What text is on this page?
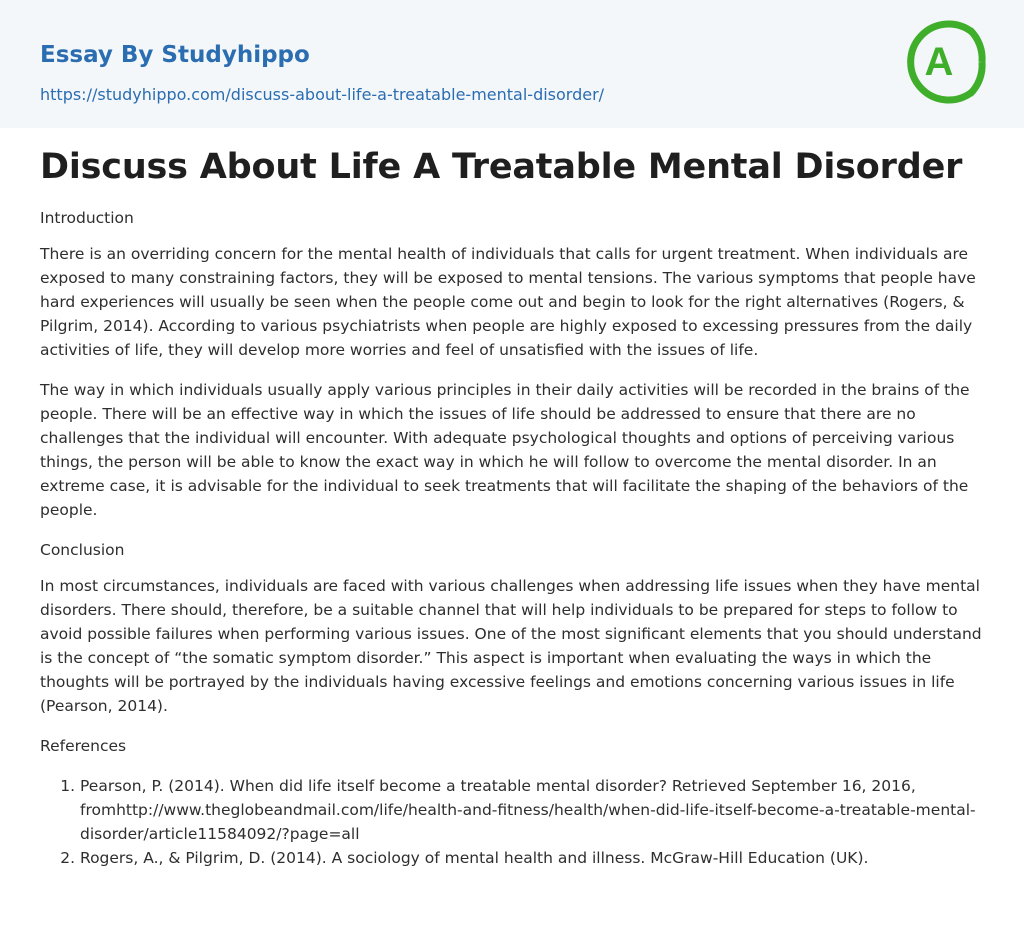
Essay By Studyhippo
https://studyhippo.com/discuss-about-life-a-treatable-mental-disorder/
A
Discuss About Life A Treatable Mental Disorder
Introduction

There is an overriding concern for the mental health of individuals that calls for urgent treatment. When individuals are exposed to many constraining factors, they will be exposed to mental tensions. The various symptoms that people have hard experiences will usually be seen when the people come out and begin to look for the right alternatives (Rogers, & Pilgrim, 2014). According to various psychiatrists when people are highly exposed to excessing pressures from the daily activities of life, they will develop more worries and feel of unsatisfied with the issues of life.

The way in which individuals usually apply various principles in their daily activities will be recorded in the brains of the people. There will be an effective way in which the issues of life should be addressed to ensure that there are no challenges that the individual will encounter. With adequate psychological thoughts and options of perceiving various things, the person will be able to know the exact way in which he will follow to overcome the mental disorder. In an extreme case, it is advisable for the individual to seek treatments that will facilitate the shaping of the behaviors of the people.

Conclusion

In most circumstances, individuals are faced with various challenges when addressing life issues when they have mental disorders. There should, therefore, be a suitable channel that will help individuals to be prepared for steps to follow to avoid possible failures when performing various issues. One of the most significant elements that you should understand is the concept of “the somatic symptom disorder.” This aspect is important when evaluating the ways in which the thoughts will be portrayed by the individuals having excessive feelings and emotions concerning various issues in life (Pearson, 2014).

References
1. Pearson, P. (2014). When did life itself become a treatable mental disorder? Retrieved September 16, 2016, fromhttp://www.theglobeandmail.com/life/health-and-fitness/health/when-did-life-itself-become-a-treatable-mental-disorder/article11584092/?page=all
2. Rogers, A., & Pilgrim, D. (2014). A sociology of mental health and illness. McGraw-Hill Education (UK).
